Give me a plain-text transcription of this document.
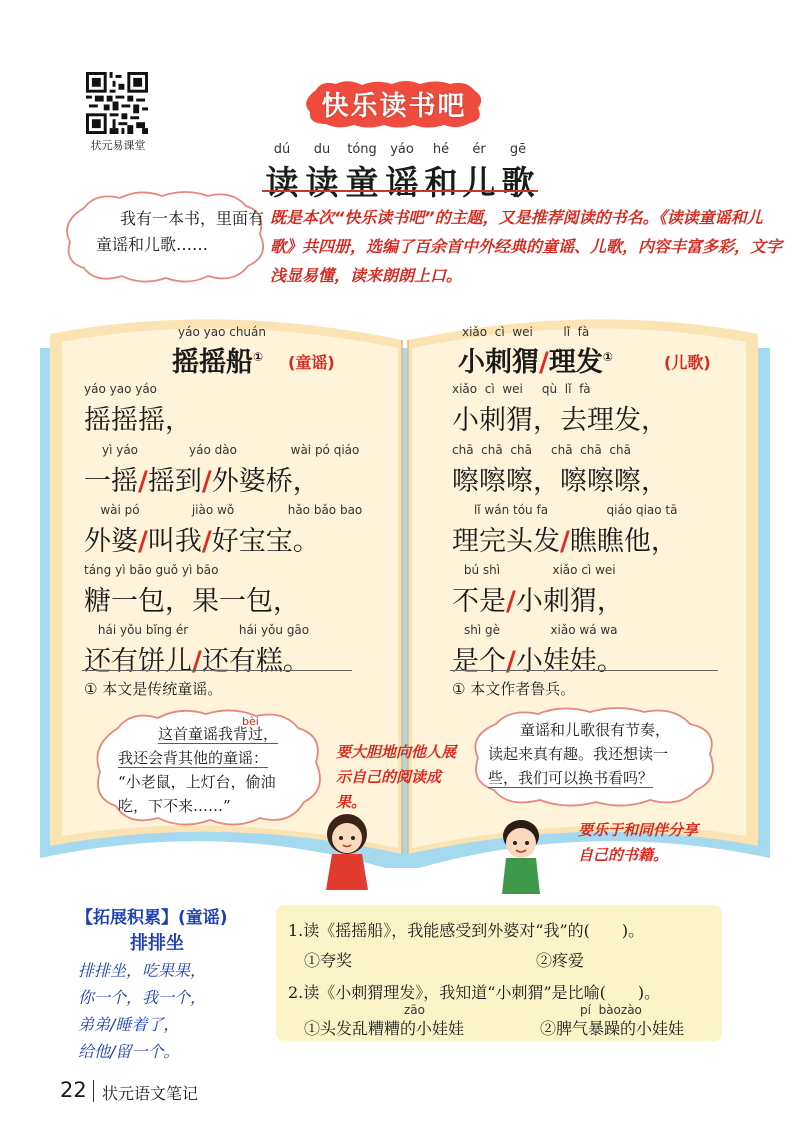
状元易课堂
快乐读书吧
dú	du	tóng	yáo	hé	ér	gē
读 读 童 谣 和 儿 歌
我有一本书，里面有童谣和儿歌……
既是本次“快乐读书吧”的主题，又是推荐阅读的书名。《读读童谣和儿歌》共四册，选编了百余首中外经典的童谣、儿歌，内容丰富多彩，文字浅显易懂，读来朗朗上口。
yáo yao chuán
摇摇船① (童谣)
yáo yao yáo
摇摇摇，
yì yáo	yáo dào	wài pó qiáo
一摇/摇到/外婆桥，
wài pó	jiào wǒ	hǎo bǎo bao
外婆/叫我/好宝宝。
táng yì bāo guǒ yì bāo
糖一包，果一包，
hái yǒu bǐng ér	hái yǒu gāo
还有饼儿/还有糕。
① 本文是传统童谣。
xiǎo  cì  wei        lǐ  fà
小刺猬/理发①	(儿歌)
xiǎo  cì  wei     qù  lǐ  fà
小刺猬，去理发，
chā  chā  chā     chā  chā  chā
嚓嚓嚓，嚓嚓嚓，
lǐ wán tóu fa	qiáo qiao tā
理完头发/瞧瞧他，
bú shì	xiǎo cì wei
不是/小刺猬，
shì gè	xiǎo wá wa
是个/小娃娃。
① 本文作者鲁兵。
bèi
这首童谣我背过，
我还会背其他的童谣：
“小老鼠，上灯台，偷油
吃，下不来……”
要大胆地向他人展示自己的阅读成果。
童谣和儿歌很有节奏，
读起来真有趣。我还想读一
些，我们可以换书看吗？
要乐于和同伴分享自己的书籍。
【拓展积累】(童谣)
排排坐
排排坐，吃果果，
你一个，我一个，
弟弟/睡着了，
给他/留一个。
1.读《摇摇船》，我能感受到外婆对“我”的(　　)。
①夸奖	②疼爱
2.读《小刺猬理发》，我知道“小刺猬”是比喻(　　)。
zāo
①头发乱糟糟的小娃娃
pí  bàozào
②脾气暴躁的小娃娃
22 状元语文笔记
